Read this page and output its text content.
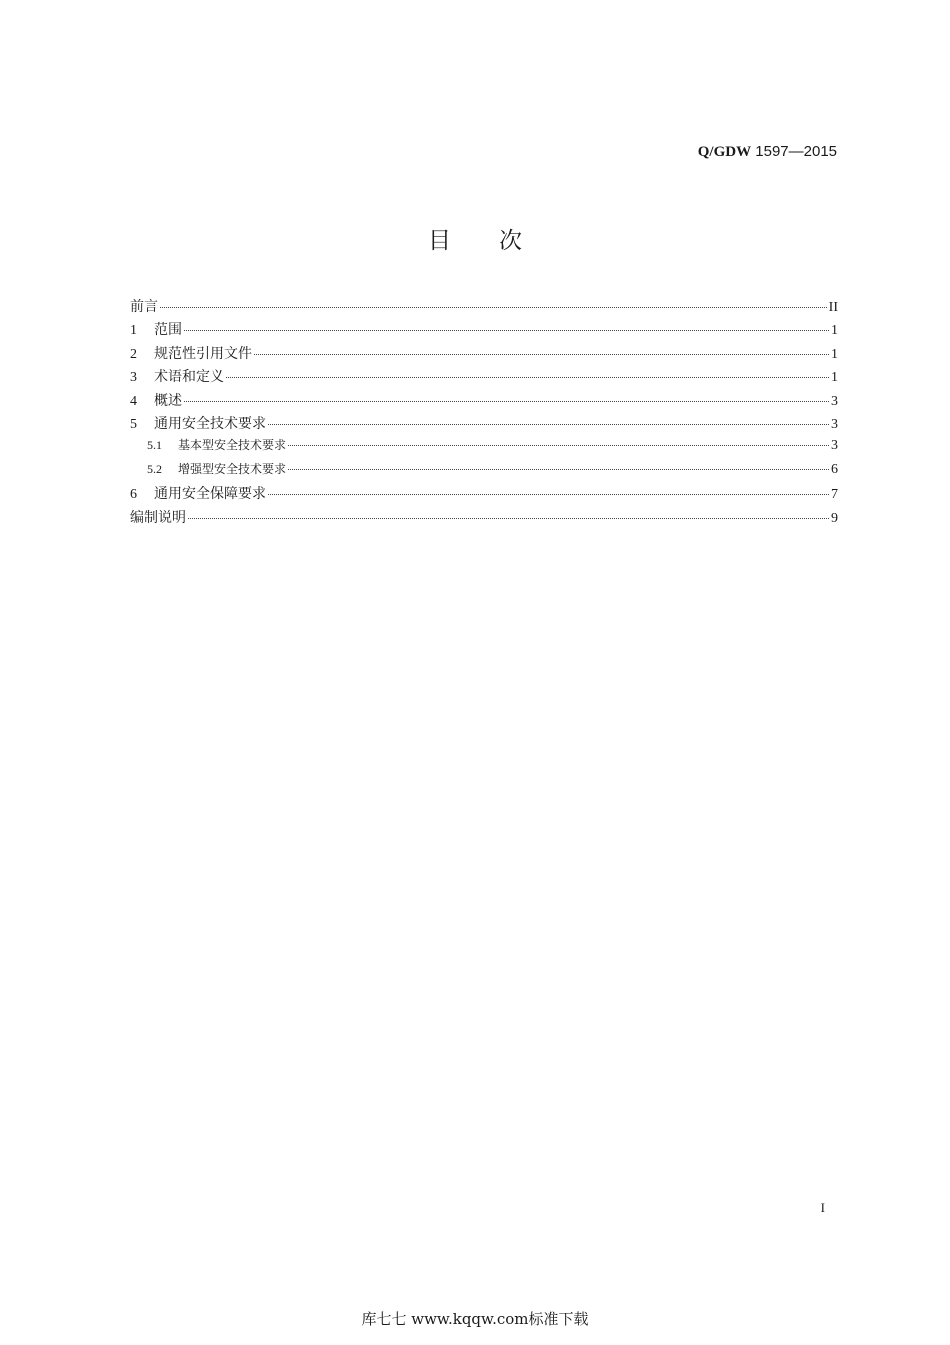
Q/GDW 1597—2015
目次
前言	II
1	范围	1
2	规范性引用文件	1
3	术语和定义	1
4	概述	3
5	通用安全技术要求	3
5.1	基本型安全技术要求	3
5.2	增强型安全技术要求	6
6	通用安全保障要求	7
编制说明	9
I
库七七 www.kqqw.com标准下载
